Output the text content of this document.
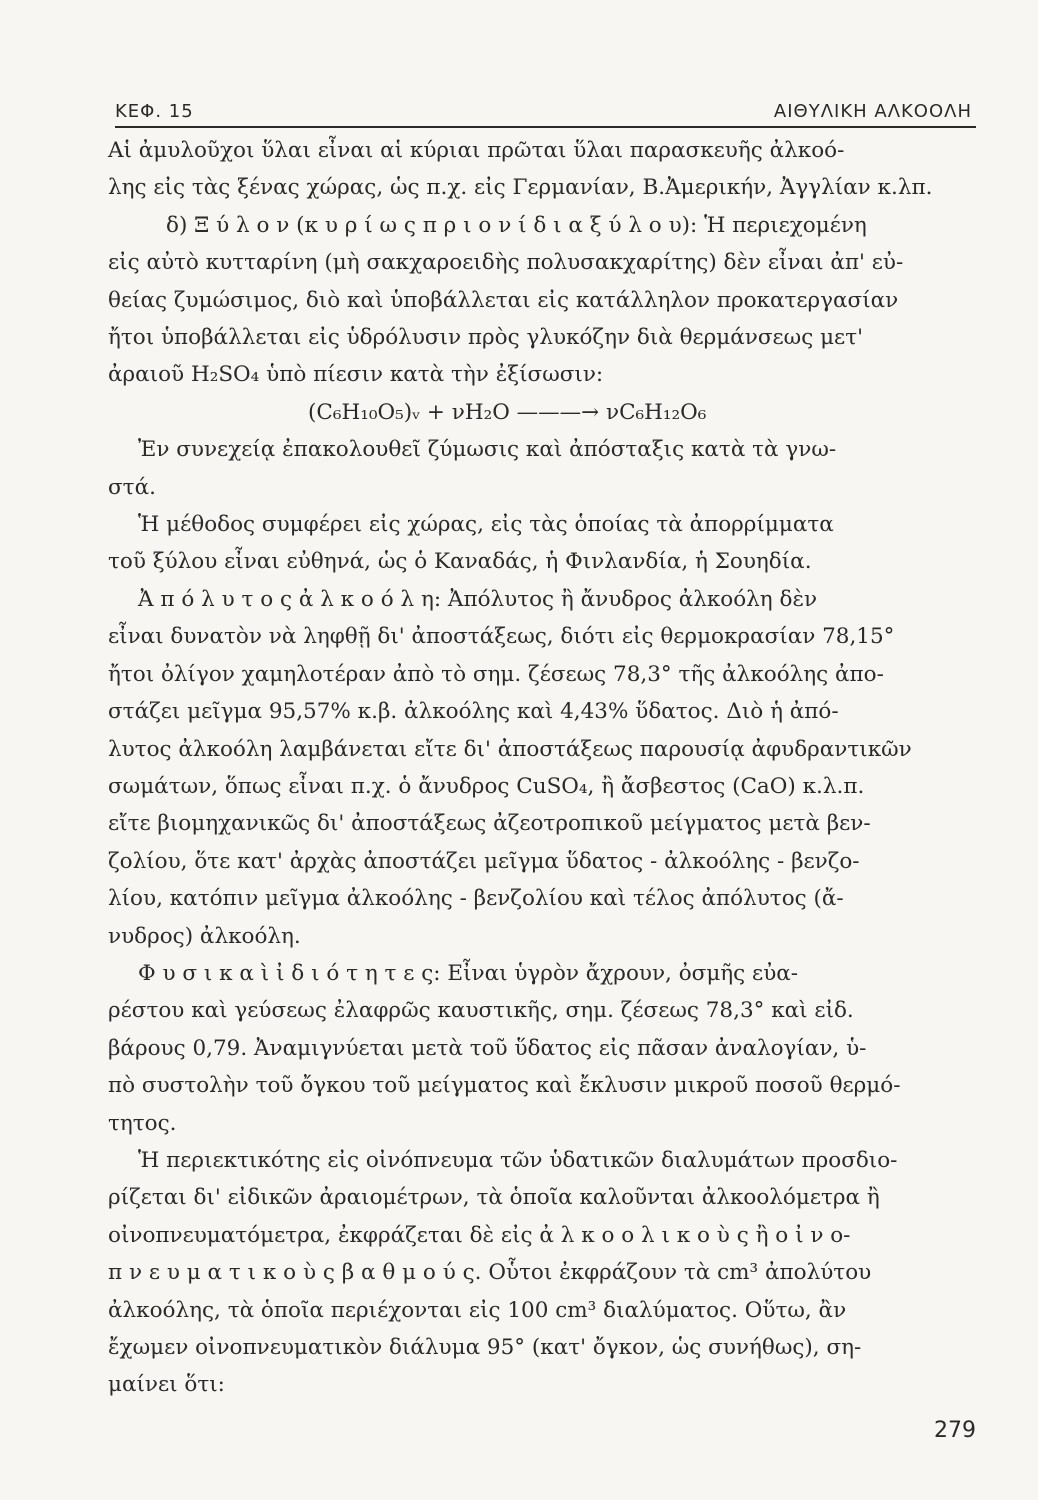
ΚΕΦ. 15	ΑΙΘΥΛΙΚΗ ΑΛΚΟΟΛΗ
Αἱ ἀμυλοῦχοι ὕλαι εἶναι αἱ κύριαι πρῶται ὕλαι παρασκευῆς ἀλκοό-
λης εἰς τὰς ξένας χώρας, ὡς π.χ. εἰς Γερμανίαν, Β.Ἀμερικήν, Ἀγγλίαν κ.λπ.
δ) Ξ ύ λ ο ν (κ υ ρ ί ω ς π ρ ι ο ν ί δ ι α ξ ύ λ ο υ): Ἡ περιεχομένη
εἰς αὐτὸ κυτταρίνη (μὴ σακχαροειδὴς πολυσακχαρίτης) δὲν εἶναι ἀπ' εὐ-
θείας ζυμώσιμος, διὸ καὶ ὑποβάλλεται εἰς κατάλληλον προκατεργασίαν
ἤτοι ὑποβάλλεται εἰς ὑδρόλυσιν πρὸς γλυκόζην διὰ θερμάνσεως μετ'
ἀραιοῦ H₂SO₄ ὑπὸ πίεσιν κατὰ τὴν ἐξίσωσιν:
(C₆H₁₀O₅)ᵥ + νH₂O ———→ νC₆H₁₂O₆
Ἐν συνεχείᾳ ἐπακολουθεῖ ζύμωσις καὶ ἀπόσταξις κατὰ τὰ γνω-
στά.
Ἡ μέθοδος συμφέρει εἰς χώρας, εἰς τὰς ὁποίας τὰ ἀπορρίμματα
τοῦ ξύλου εἶναι εὐθηνά, ὡς ὁ Καναδάς, ἡ Φινλανδία, ἡ Σουηδία.
Ἀ π ό λ υ τ ο ς ἀ λ κ ο ό λ η: Ἀπόλυτος ἢ ἄνυδρος ἀλκοόλη δὲν
εἶναι δυνατὸν νὰ ληφθῇ δι' ἀποστάξεως, διότι εἰς θερμοκρασίαν 78,15°
ἤτοι ὀλίγον χαμηλοτέραν ἀπὸ τὸ σημ. ζέσεως 78,3° τῆς ἀλκοόλης ἀπο-
στάζει μεῖγμα 95,57% κ.β. ἀλκοόλης καὶ 4,43% ὕδατος. Διὸ ἡ ἀπό-
λυτος ἀλκοόλη λαμβάνεται εἴτε δι' ἀποστάξεως παρουσίᾳ ἀφυδραντικῶν
σωμάτων, ὅπως εἶναι π.χ. ὁ ἄνυδρος CuSO₄, ἢ ἄσβεστος (CaO) κ.λ.π.
εἴτε βιομηχανικῶς δι' ἀποστάξεως ἀζεοτροπικοῦ μείγματος μετὰ βεν-
ζολίου, ὅτε κατ' ἀρχὰς ἀποστάζει μεῖγμα ὕδατος - ἀλκοόλης - βενζο-
λίου, κατόπιν μεῖγμα ἀλκοόλης - βενζολίου καὶ τέλος ἀπόλυτος (ἄ-
νυδρος) ἀλκοόλη.
Φ υ σ ι κ α ὶ ἰ δ ι ό τ η τ ε ς: Εἶναι ὑγρὸν ἄχρουν, ὀσμῆς εὐα-
ρέστου καὶ γεύσεως ἐλαφρῶς καυστικῆς, σημ. ζέσεως 78,3° καὶ εἰδ.
βάρους 0,79. Ἀναμιγνύεται μετὰ τοῦ ὕδατος εἰς πᾶσαν ἀναλογίαν, ὑ-
πὸ συστολὴν τοῦ ὄγκου τοῦ μείγματος καὶ ἔκλυσιν μικροῦ ποσοῦ θερμό-
τητος.
Ἡ περιεκτικότης εἰς οἰνόπνευμα τῶν ὑδατικῶν διαλυμάτων προσδιο-
ρίζεται δι' εἰδικῶν ἀραιομέτρων, τὰ ὁποῖα καλοῦνται ἀλκοολόμετρα ἢ
οἰνοπνευματόμετρα, ἐκφράζεται δὲ εἰς ἀ λ κ ο ο λ ι κ ο ὺ ς ἢ ο ἰ ν ο-
π ν ε υ μ α τ ι κ ο ὺ ς β α θ μ ο ύ ς. Οὗτοι ἐκφράζουν τὰ cm³ ἀπολύτου
ἀλκοόλης, τὰ ὁποῖα περιέχονται εἰς 100 cm³ διαλύματος. Οὕτω, ἂν
ἔχωμεν οἰνοπνευματικὸν διάλυμα 95° (κατ' ὄγκον, ὡς συνήθως), ση-
μαίνει ὅτι:
279
